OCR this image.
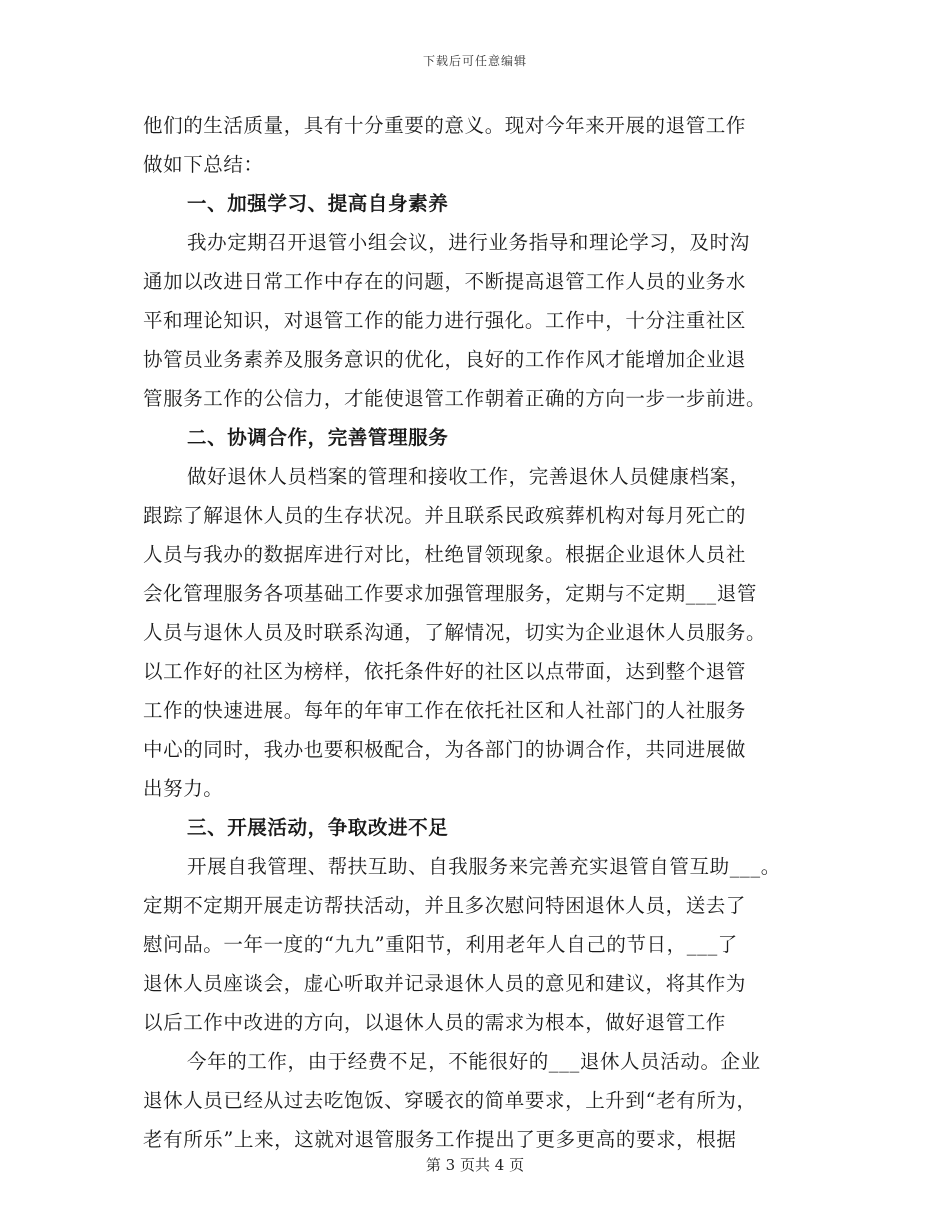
下载后可任意编辑
他们的生活质量，具有十分重要的意义。现对今年来开展的退管工作
做如下总结：
一、加强学习、提高自身素养
我办定期召开退管小组会议，进行业务指导和理论学习，及时沟
通加以改进日常工作中存在的问题，不断提高退管工作人员的业务水
平和理论知识，对退管工作的能力进行强化。工作中，十分注重社区
协管员业务素养及服务意识的优化，良好的工作作风才能增加企业退
管服务工作的公信力，才能使退管工作朝着正确的方向一步一步前进。
二、协调合作，完善管理服务
做好退休人员档案的管理和接收工作，完善退休人员健康档案，
跟踪了解退休人员的生存状况。并且联系民政殡葬机构对每月死亡的
人员与我办的数据库进行对比，杜绝冒领现象。根据企业退休人员社
会化管理服务各项基础工作要求加强管理服务，定期与不定期___退管
人员与退休人员及时联系沟通，了解情况，切实为企业退休人员服务。
以工作好的社区为榜样，依托条件好的社区以点带面，达到整个退管
工作的快速进展。每年的年审工作在依托社区和人社部门的人社服务
中心的同时，我办也要积极配合，为各部门的协调合作，共同进展做
出努力。
三、开展活动，争取改进不足
开展自我管理、帮扶互助、自我服务来完善充实退管自管互助___。
定期不定期开展走访帮扶活动，并且多次慰问特困退休人员，送去了
慰问品。一年一度的“九九”重阳节，利用老年人自己的节日，___了
退休人员座谈会，虚心听取并记录退休人员的意见和建议，将其作为
以后工作中改进的方向，以退休人员的需求为根本，做好退管工作
今年的工作，由于经费不足，不能很好的___退休人员活动。企业
退休人员已经从过去吃饱饭、穿暖衣的简单要求，上升到“老有所为，
老有所乐”上来，这就对退管服务工作提出了更多更高的要求，根据
第 3 页共 4 页
